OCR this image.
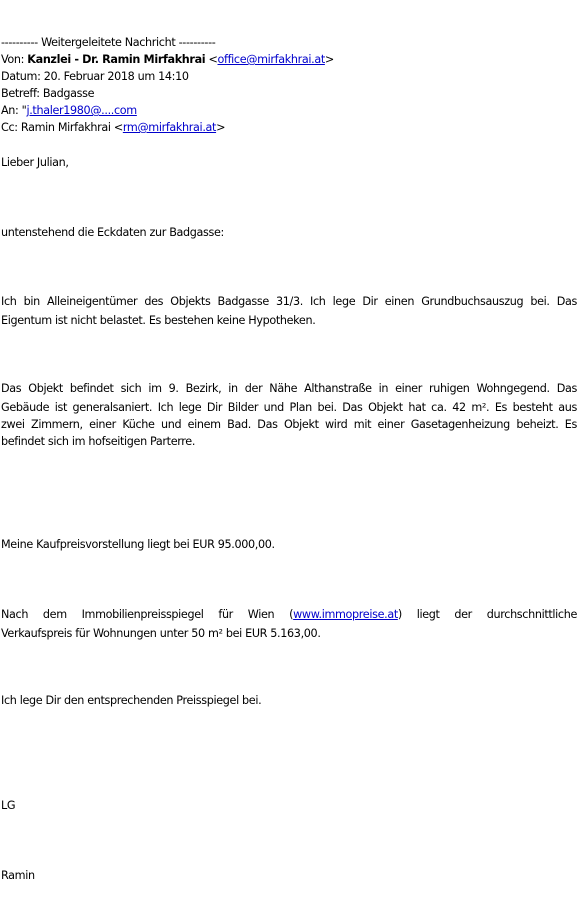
---------- Weitergeleitete Nachricht ----------
Von: Kanzlei - Dr. Ramin Mirfakhrai <office@mirfakhrai.at>
Datum: 20. Februar 2018 um 14:10
Betreff: Badgasse
An: "j.thaler1980@....com
Cc: Ramin Mirfakhrai <rm@mirfakhrai.at>
Lieber Julian,
untenstehend die Eckdaten zur Badgasse:
Ich bin Alleineigentümer des Objekts Badgasse 31/3. Ich lege Dir einen Grundbuchsauszug bei. Das
Eigentum ist nicht belastet. Es bestehen keine Hypotheken.
Das Objekt befindet sich im 9. Bezirk, in der Nähe Althanstraße in einer ruhigen Wohngegend. Das
Gebäude ist generalsaniert. Ich lege Dir Bilder und Plan bei. Das Objekt hat ca. 42 m². Es besteht aus
zwei Zimmern, einer Küche und einem Bad. Das Objekt wird mit einer Gasetagenheizung beheizt. Es
befindet sich im hofseitigen Parterre.
Meine Kaufpreisvorstellung liegt bei EUR 95.000,00.
Nach dem Immobilienpreisspiegel für Wien (www.immopreise.at) liegt der durchschnittliche
Verkaufspreis für Wohnungen unter 50 m² bei EUR 5.163,00.
Ich lege Dir den entsprechenden Preisspiegel bei.
LG
Ramin
